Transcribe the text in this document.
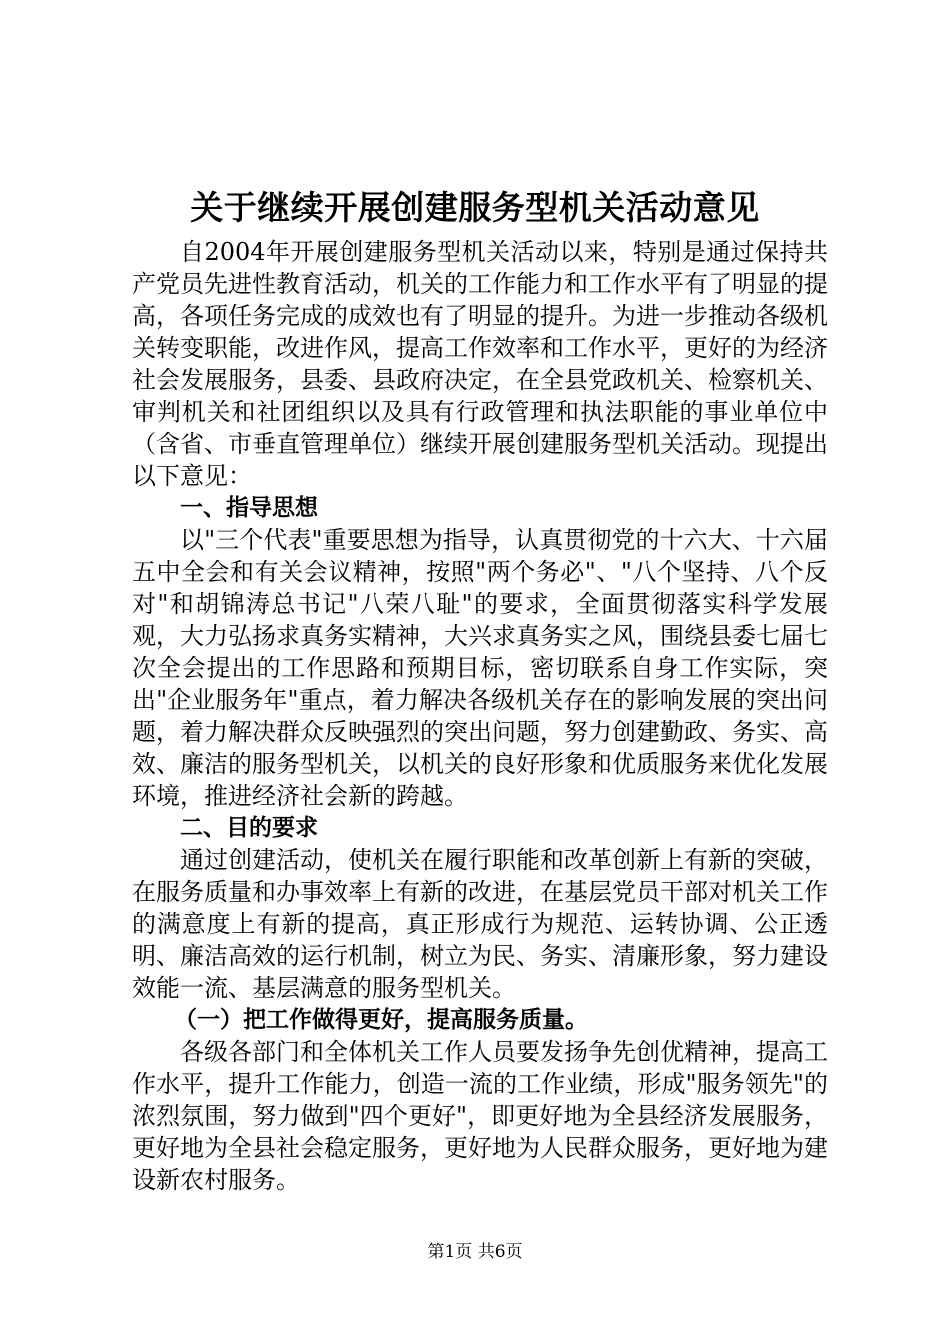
关于继续开展创建服务型机关活动意见

自2004年开展创建服务型机关活动以来，特别是通过保持共产党员先进性教育活动，机关的工作能力和工作水平有了明显的提高，各项任务完成的成效也有了明显的提升。为进一步推动各级机关转变职能，改进作风，提高工作效率和工作水平，更好的为经济社会发展服务，县委、县政府决定，在全县党政机关、检察机关、审判机关和社团组织以及具有行政管理和执法职能的事业单位中（含省、市垂直管理单位）继续开展创建服务型机关活动。现提出以下意见：

一、指导思想

以"三个代表"重要思想为指导，认真贯彻党的十六大、十六届五中全会和有关会议精神，按照"两个务必"、"八个坚持、八个反对"和胡锦涛总书记"八荣八耻"的要求，全面贯彻落实科学发展观，大力弘扬求真务实精神，大兴求真务实之风，围绕县委七届七次全会提出的工作思路和预期目标，密切联系自身工作实际，突出"企业服务年"重点，着力解决各级机关存在的影响发展的突出问题，着力解决群众反映强烈的突出问题，努力创建勤政、务实、高效、廉洁的服务型机关，以机关的良好形象和优质服务来优化发展环境，推进经济社会新的跨越。

二、目的要求

通过创建活动，使机关在履行职能和改革创新上有新的突破，在服务质量和办事效率上有新的改进，在基层党员干部对机关工作的满意度上有新的提高，真正形成行为规范、运转协调、公正透明、廉洁高效的运行机制，树立为民、务实、清廉形象，努力建设效能一流、基层满意的服务型机关。

（一）把工作做得更好，提高服务质量。

各级各部门和全体机关工作人员要发扬争先创优精神，提高工作水平，提升工作能力，创造一流的工作业绩，形成"服务领先"的浓烈氛围，努力做到"四个更好"，即更好地为全县经济发展服务，更好地为全县社会稳定服务，更好地为人民群众服务，更好地为建设新农村服务。

第1页 共6页
